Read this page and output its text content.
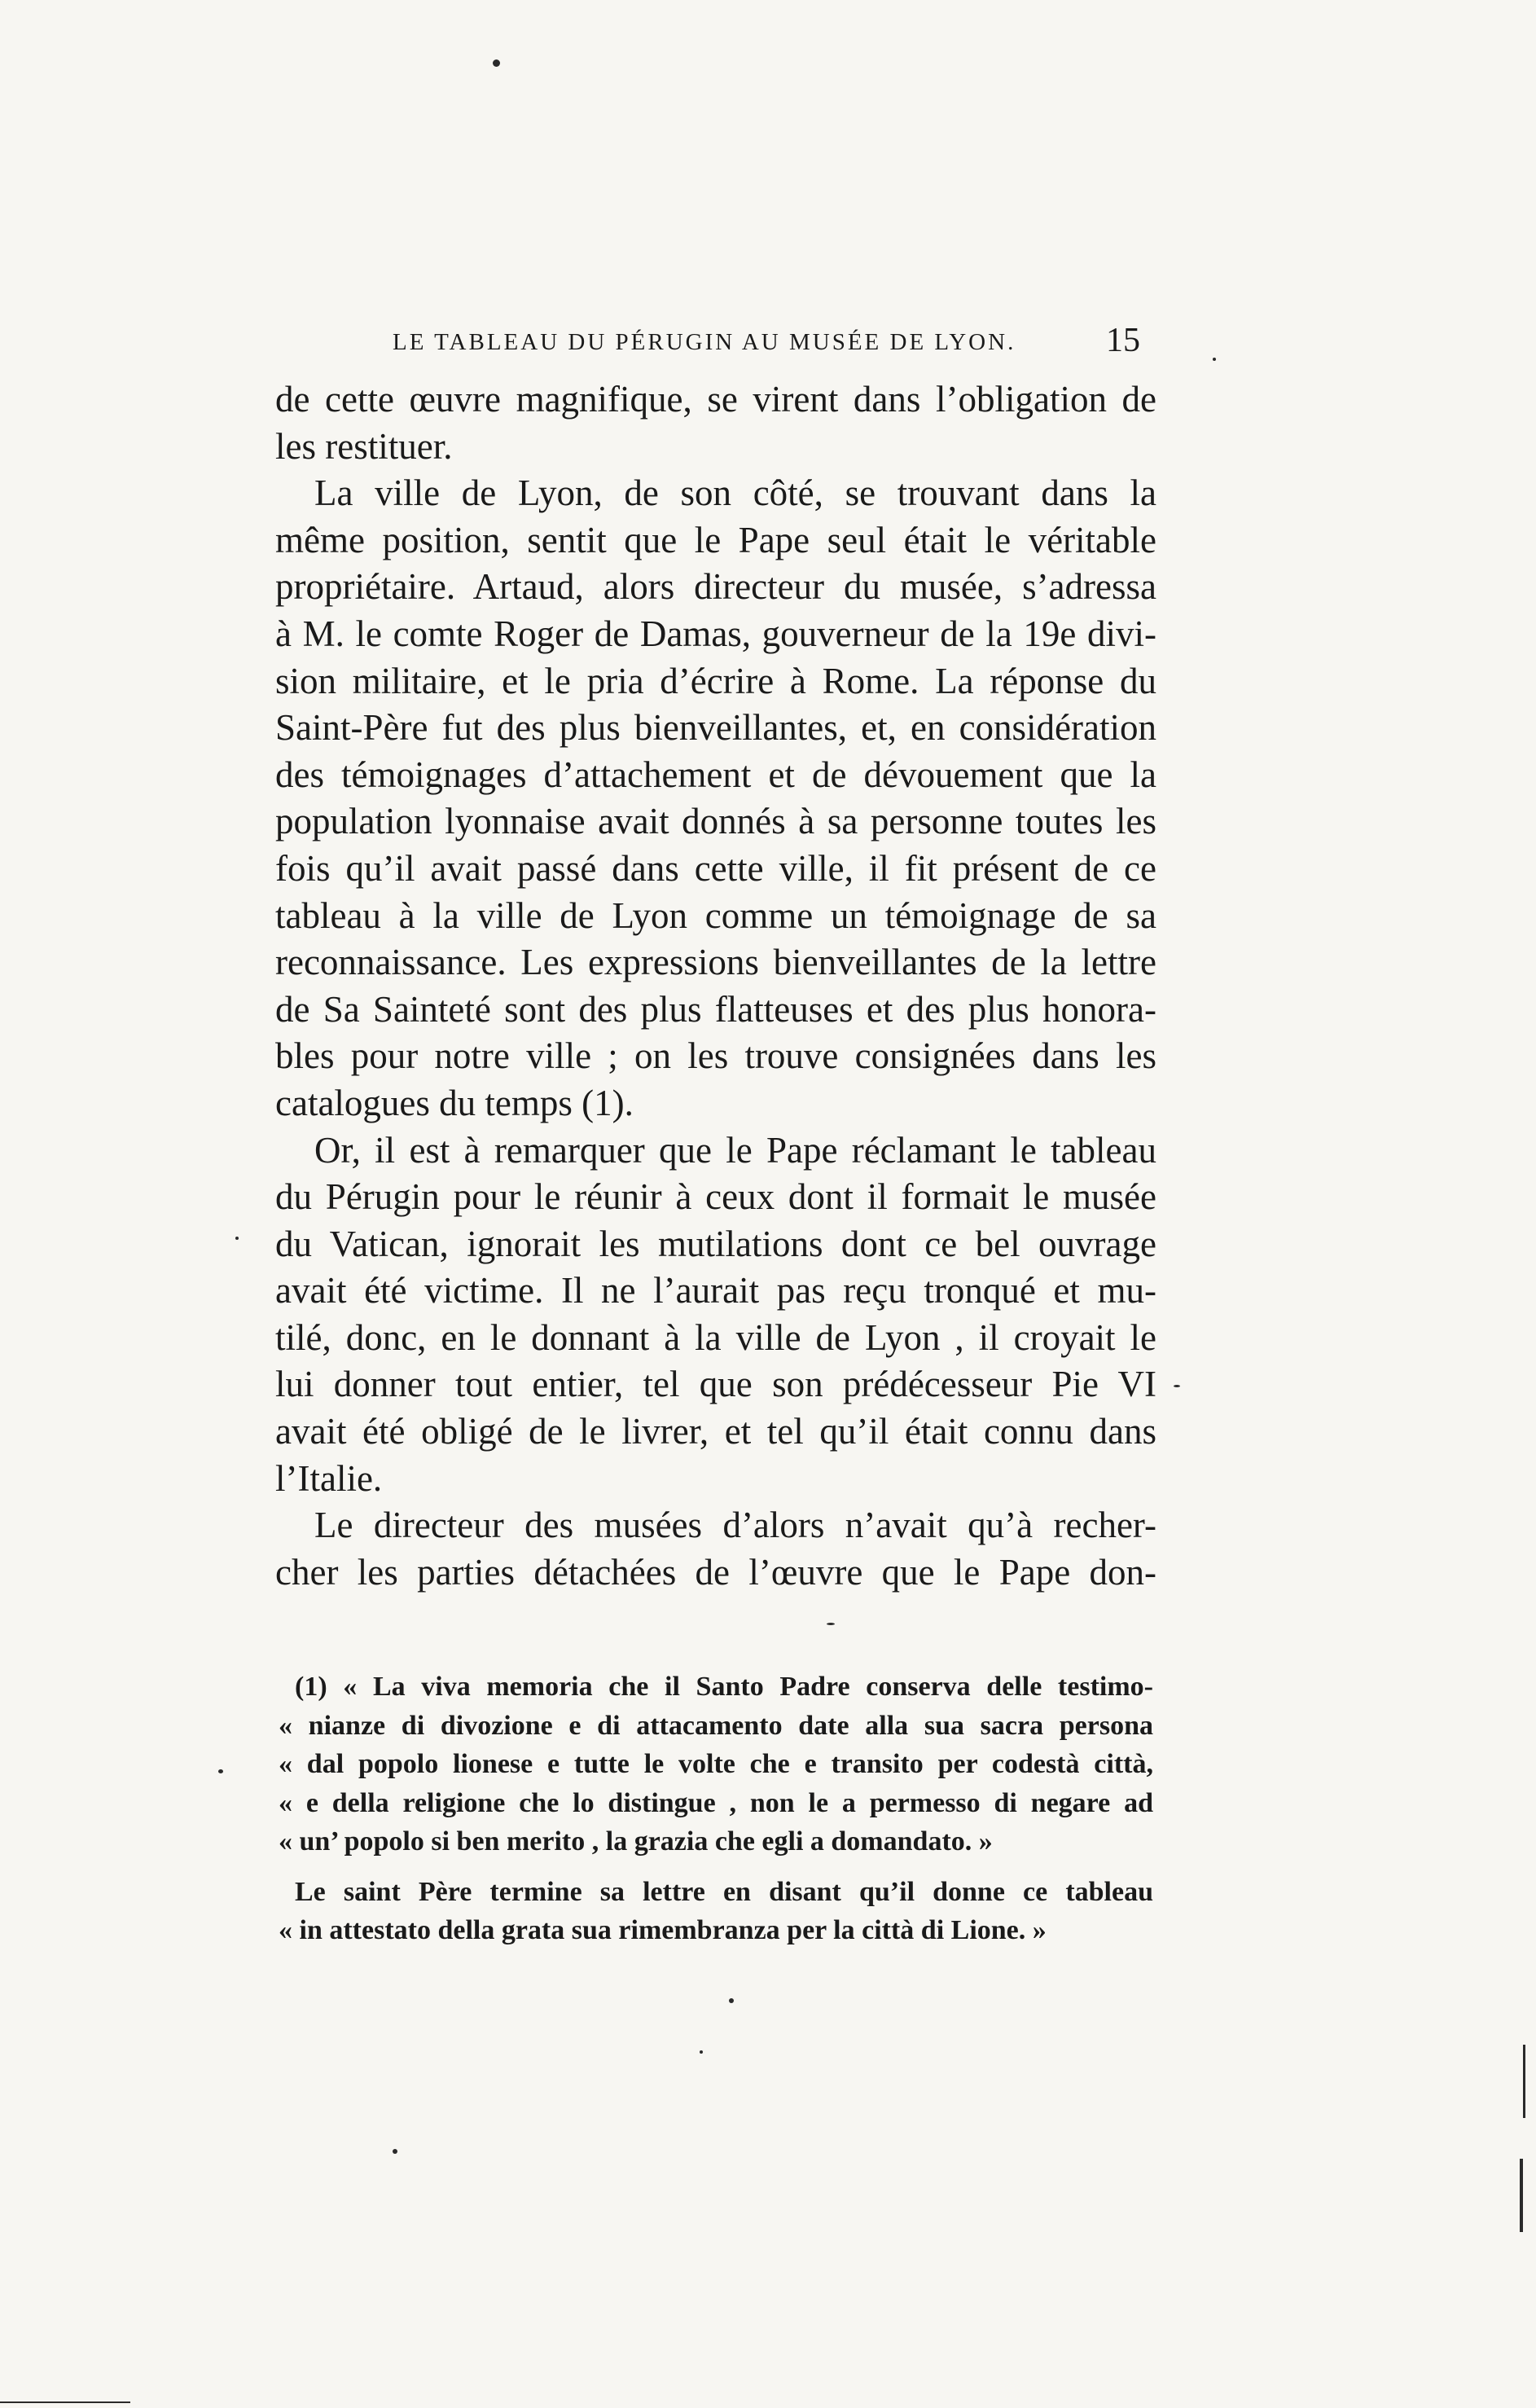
LE TABLEAU DU PÉRUGIN AU MUSÉE DE LYON.	15
de cette œuvre magnifique, se virent dans l’obligation de
les restituer.
La ville de Lyon, de son côté, se trouvant dans la
même position, sentit que le Pape seul était le véritable
propriétaire. Artaud, alors directeur du musée, s’adressa
à M. le comte Roger de Damas, gouverneur de la 19e divi-
sion militaire, et le pria d’écrire à Rome. La réponse du
Saint-Père fut des plus bienveillantes, et, en considération
des témoignages d’attachement et de dévouement que la
population lyonnaise avait donnés à sa personne toutes les
fois qu’il avait passé dans cette ville, il fit présent de ce
tableau à la ville de Lyon comme un témoignage de sa
reconnaissance. Les expressions bienveillantes de la lettre
de Sa Sainteté sont des plus flatteuses et des plus honora-
bles pour notre ville ; on les trouve consignées dans les
catalogues du temps (1).
Or, il est à remarquer que le Pape réclamant le tableau
du Pérugin pour le réunir à ceux dont il formait le musée
du Vatican, ignorait les mutilations dont ce bel ouvrage
avait été victime. Il ne l’aurait pas reçu tronqué et mu-
tilé, donc, en le donnant à la ville de Lyon , il croyait le
lui donner tout entier, tel que son prédécesseur Pie VI
avait été obligé de le livrer, et tel qu’il était connu dans
l’Italie.
Le directeur des musées d’alors n’avait qu’à recher-
cher les parties détachées de l’œuvre que le Pape don-
(1) « La viva memoria che il Santo Padre conserva delle testimo-
« nianze di divozione e di attacamento date alla sua sacra persona
« dal popolo lionese e tutte le volte che e transito per codestà città,
« e della religione che lo distingue , non le a permesso di negare ad
« un’ popolo si ben merito , la grazia che egli a domandato. »
Le saint Père termine sa lettre en disant qu’il donne ce tableau
« in attestato della grata sua rimembranza per la città di Lione. »
